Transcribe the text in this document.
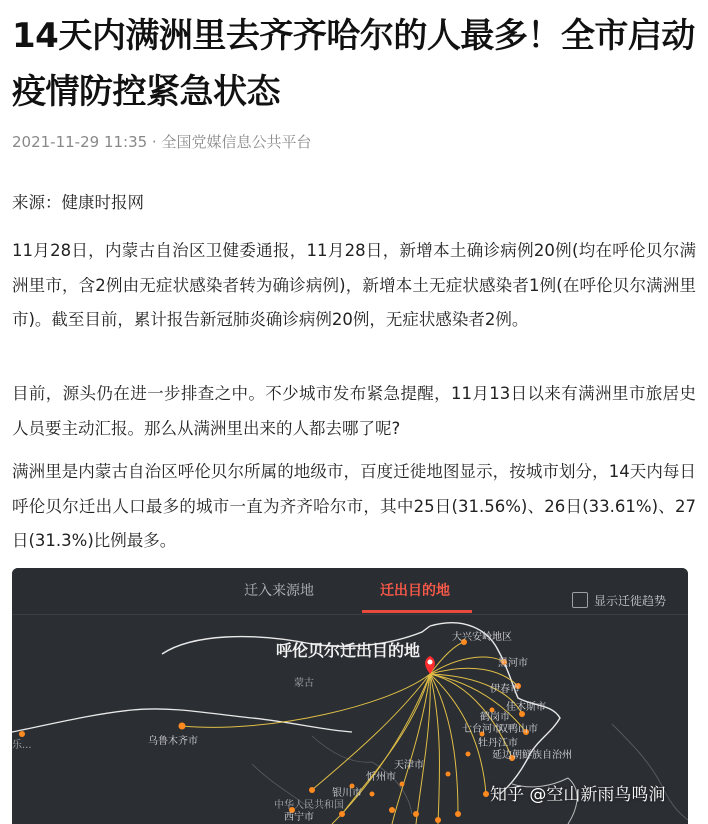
14天内满洲里去齐齐哈尔的人最多！全市启动疫情防控紧急状态
2021-11-29 11:35 · 全国党媒信息公共平台
来源：健康时报网
11月28日，内蒙古自治区卫健委通报，11月28日，新增本土确诊病例20例(均在呼伦贝尔满洲里市，含2例由无症状感染者转为确诊病例)，新增本土无症状感染者1例(在呼伦贝尔满洲里市)。截至目前，累计报告新冠肺炎确诊病例20例，无症状感染者2例。
目前，源头仍在进一步排查之中。不少城市发布紧急提醒，11月13日以来有满洲里市旅居史人员要主动汇报。那么从满洲里出来的人都去哪了呢?
满洲里是内蒙古自治区呼伦贝尔所属的地级市，百度迁徙地图显示，按城市划分，14天内每日呼伦贝尔迁出人口最多的城市一直为齐齐哈尔市，其中25日(31.56%)、26日(33.61%)、27日(31.3%)比例最多。
迁入来源地	迁出目的地
显示迁徙趋势
呼伦贝尔迁出目的地
大兴安岭地区
黑河市
伊春市
佳木斯市
鹤岗市
七台河市
双鸭山市
牡丹江市
延边朝鲜族自治州
乌鲁木齐市
西宁市
银川市
忻州市
天津市
中华人民共和国
蒙古
乐...
知乎 @空山新雨鸟鸣涧
